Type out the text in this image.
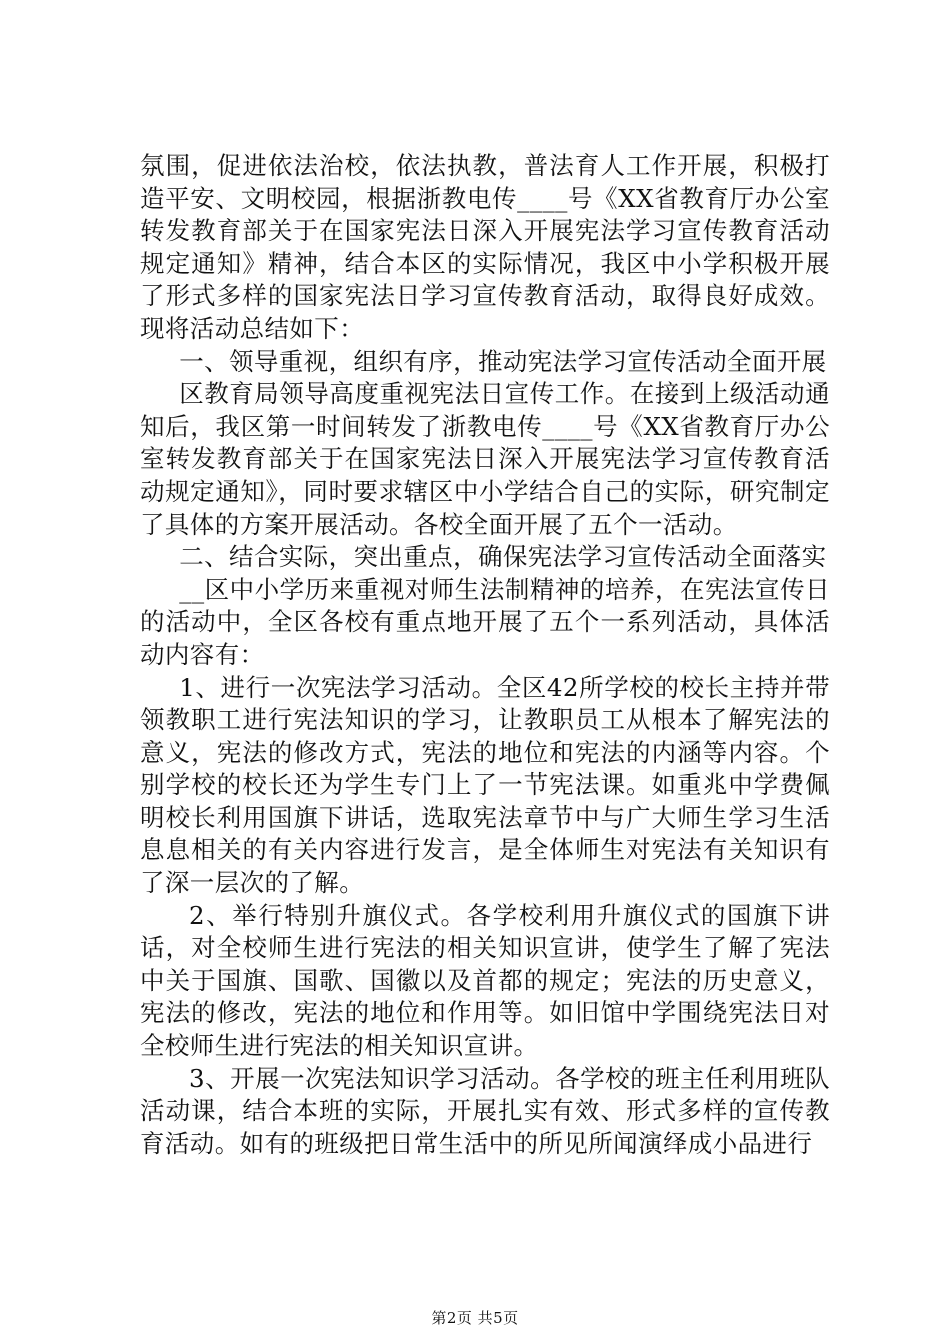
氛围，促进依法治校，依法执教，普法育人工作开展，积极打造平安、文明校园，根据浙教电传____号《XX省教育厅办公室转发教育部关于在国家宪法日深入开展宪法学习宣传教育活动规定通知》精神，结合本区的实际情况，我区中小学积极开展了形式多样的国家宪法日学习宣传教育活动，取得良好成效。现将活动总结如下：

一、领导重视，组织有序，推动宪法学习宣传活动全面开展

区教育局领导高度重视宪法日宣传工作。在接到上级活动通知后，我区第一时间转发了浙教电传____号《XX省教育厅办公室转发教育部关于在国家宪法日深入开展宪法学习宣传教育活动规定通知》，同时要求辖区中小学结合自己的实际，研究制定了具体的方案开展活动。各校全面开展了五个一活动。

二、结合实际，突出重点，确保宪法学习宣传活动全面落实

__区中小学历来重视对师生法制精神的培养，在宪法宣传日的活动中，全区各校有重点地开展了五个一系列活动，具体活动内容有：

1、进行一次宪法学习活动。全区42所学校的校长主持并带领教职工进行宪法知识的学习，让教职员工从根本了解宪法的意义，宪法的修改方式，宪法的地位和宪法的内涵等内容。个别学校的校长还为学生专门上了一节宪法课。如重兆中学费佩明校长利用国旗下讲话，选取宪法章节中与广大师生学习生活息息相关的有关内容进行发言，是全体师生对宪法有关知识有了深一层次的了解。

2、举行特别升旗仪式。各学校利用升旗仪式的国旗下讲话，对全校师生进行宪法的相关知识宣讲，使学生了解了宪法中关于国旗、国歌、国徽以及首都的规定；宪法的历史意义，宪法的修改，宪法的地位和作用等。如旧馆中学围绕宪法日对全校师生进行宪法的相关知识宣讲。

3、开展一次宪法知识学习活动。各学校的班主任利用班队活动课，结合本班的实际，开展扎实有效、形式多样的宣传教育活动。如有的班级把日常生活中的所见所闻演绎成小品进行

第2页 共5页
